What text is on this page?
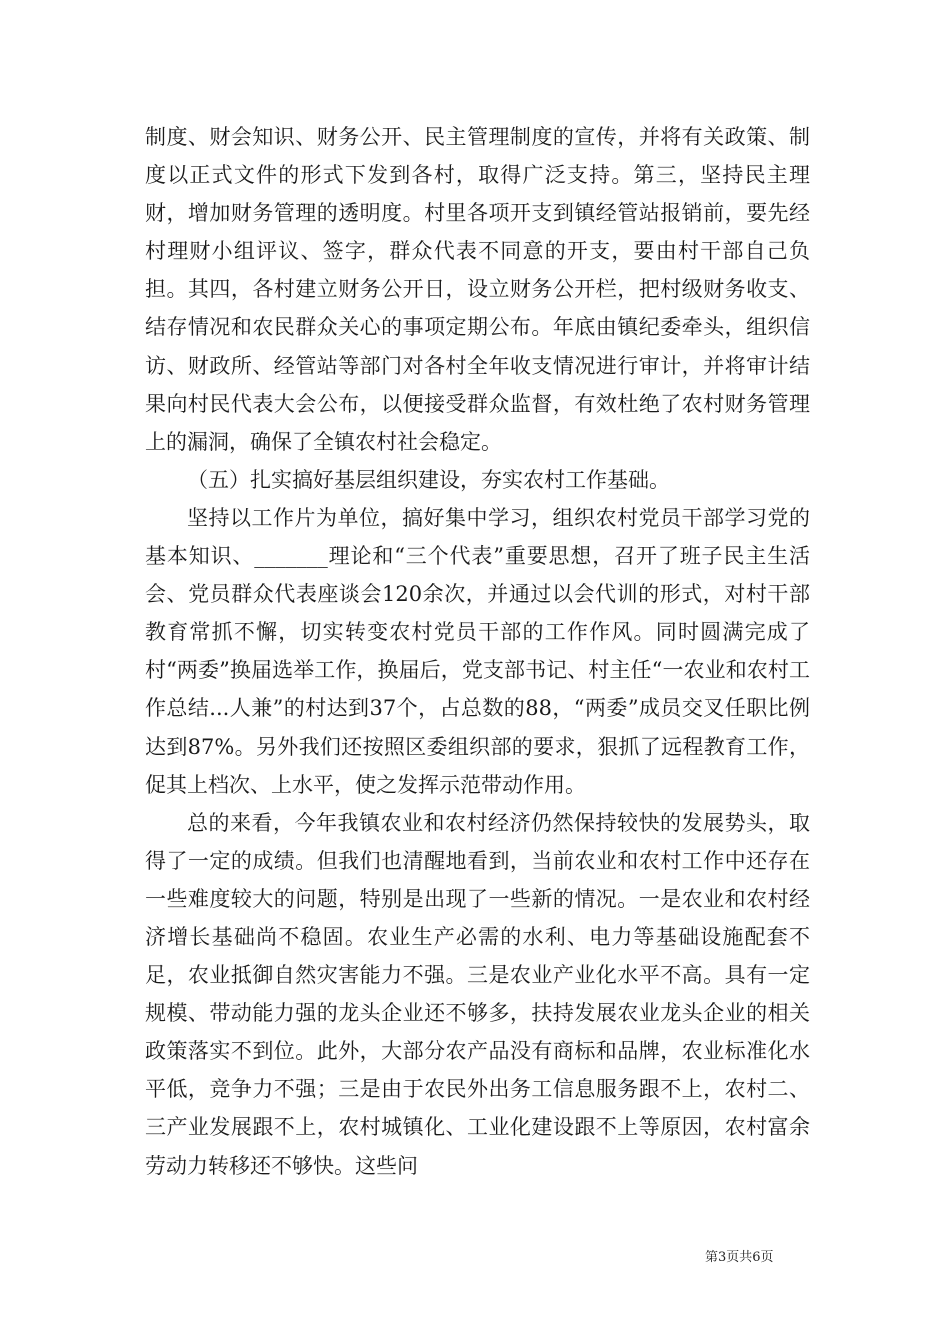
制度、财会知识、财务公开、民主管理制度的宣传，并将有关政策、制度以正式文件的形式下发到各村，取得广泛支持。第三，坚持民主理财，增加财务管理的透明度。村里各项开支到镇经管站报销前，要先经村理财小组评议、签字，群众代表不同意的开支，要由村干部自己负担。其四，各村建立财务公开日，设立财务公开栏，把村级财务收支、结存情况和农民群众关心的事项定期公布。年底由镇纪委牵头，组织信访、财政所、经管站等部门对各村全年收支情况进行审计，并将审计结果向村民代表大会公布，以便接受群众监督，有效杜绝了农村财务管理上的漏洞，确保了全镇农村社会稳定。

（五）扎实搞好基层组织建设，夯实农村工作基础。

坚持以工作片为单位，搞好集中学习，组织农村党员干部学习党的基本知识、_______理论和“三个代表”重要思想，召开了班子民主生活会、党员群众代表座谈会120余次，并通过以会代训的形式，对村干部教育常抓不懈，切实转变农村党员干部的工作作风。同时圆满完成了村“两委”换届选举工作，换届后，党支部书记、村主任“一农业和农村工作总结...人兼”的村达到37个，占总数的88，“两委”成员交叉任职比例达到87%。另外我们还按照区委组织部的要求，狠抓了远程教育工作，促其上档次、上水平，使之发挥示范带动作用。

总的来看，今年我镇农业和农村经济仍然保持较快的发展势头，取得了一定的成绩。但我们也清醒地看到，当前农业和农村工作中还存在一些难度较大的问题，特别是出现了一些新的情况。一是农业和农村经济增长基础尚不稳固。农业生产必需的水利、电力等基础设施配套不足，农业抵御自然灾害能力不强。三是农业产业化水平不高。具有一定规模、带动能力强的龙头企业还不够多，扶持发展农业龙头企业的相关政策落实不到位。此外，大部分农产品没有商标和品牌，农业标准化水平低，竞争力不强；三是由于农民外出务工信息服务跟不上，农村二、三产业发展跟不上，农村城镇化、工业化建设跟不上等原因，农村富余劳动力转移还不够快。这些问

第3页共6页
